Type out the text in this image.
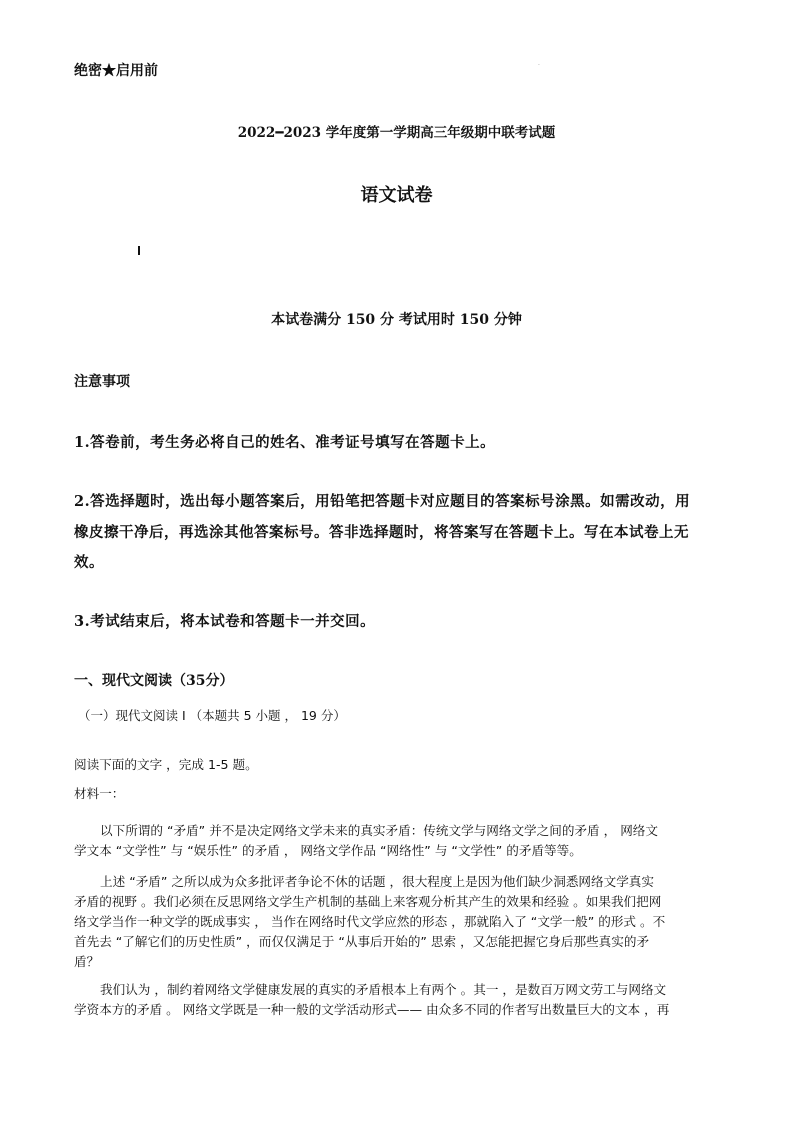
绝密★启用前	·
2022━2023 学年度第一学期高三年级期中联考试题
语文试卷
本试卷满分 150 分 考试用时 150 分钟
注意事项
1.答卷前，考生务必将自己的姓名、准考证号填写在答题卡上。
2.答选择题时，选出每小题答案后，用铅笔把答题卡对应题目的答案标号涂黑。如需改动，用
橡皮擦干净后，再选涂其他答案标号。答非选择题时，将答案写在答题卡上。写在本试卷上无
效。
3.考试结束后，将本试卷和答题卡一并交回。
一、现代文阅读（35分）
（一）现代文阅读 Ⅰ （本题共 5 小题 ， 19 分）
阅读下面的文字 ，完成 1-5 题。
材料一：
以下所谓的 “矛盾” 并不是决定网络文学未来的真实矛盾：传统文学与网络文学之间的矛盾 ， 网络文
学文本 “文学性” 与 “娱乐性” 的矛盾 ， 网络文学作品 “网络性” 与 “文学性” 的矛盾等等。
上述 “矛盾” 之所以成为众多批评者争论不休的话题 ，很大程度上是因为他们缺少洞悉网络文学真实
矛盾的视野 。我们必须在反思网络文学生产机制的基础上来客观分析其产生的效果和经验 。如果我们把网
络文学当作一种文学的既成事实 ， 当作在网络时代文学应然的形态 ，那就陷入了 “文学一般” 的形式 。不
首先去 “了解它们的历史性质” ，而仅仅满足于 “从事后开始的” 思索 ，又怎能把握它身后那些真实的矛
盾？
我们认为 ，制约着网络文学健康发展的真实的矛盾根本上有两个 。其一 ，是数百万网文劳工与网络文
学资本方的矛盾 。 网络文学既是一种一般的文学活动形式—— 由众多不同的作者写出数量巨大的文本 ，再
